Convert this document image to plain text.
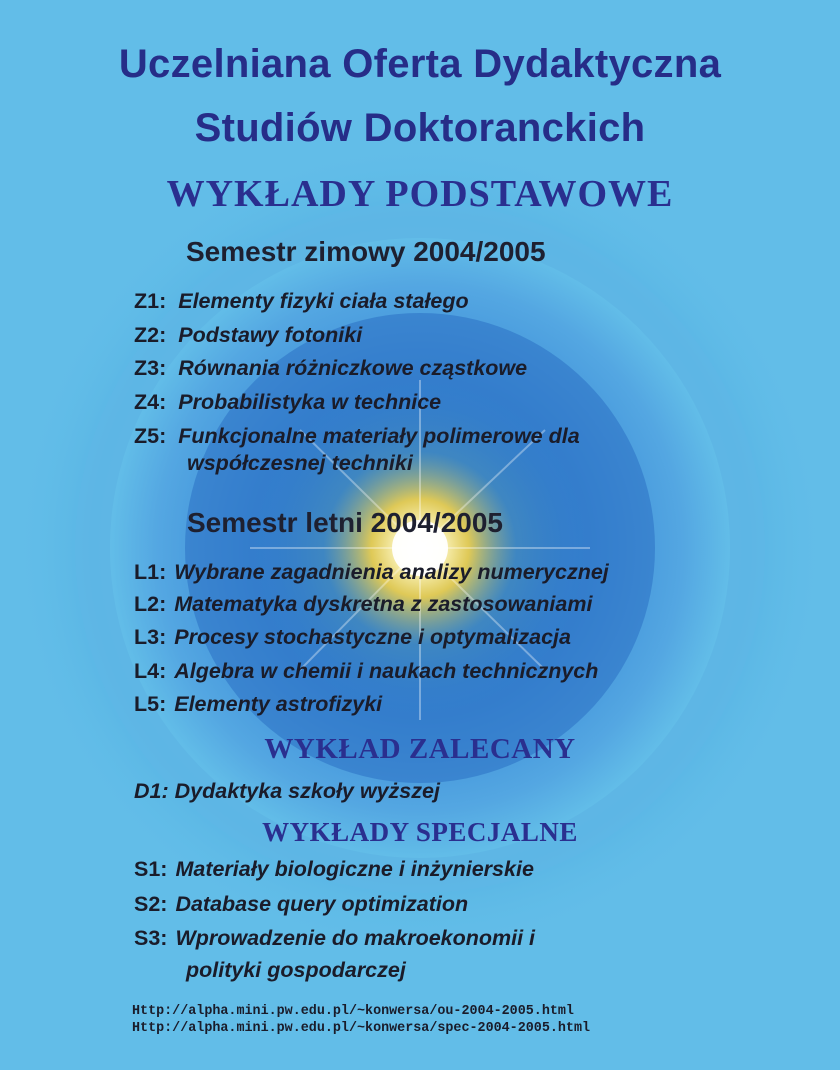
Uczelniana Oferta Dydaktyczna
Studiów Doktoranckich
WYKŁADY PODSTAWOWE
Semestr zimowy 2004/2005
Z1: Elementy fizyki ciała stałego
Z2: Podstawy fotoniki
Z3: Równania różniczkowe cząstkowe
Z4: Probabilistyka w technice
Z5: Funkcjonalne materiały polimerowe dla
współczesnej techniki
Semestr letni 2004/2005
L1: Wybrane zagadnienia analizy numerycznej
L2: Matematyka dyskretna z zastosowaniami
L3: Procesy stochastyczne i optymalizacja
L4: Algebra w chemii i naukach technicznych
L5: Elementy astrofizyki
WYKŁAD ZALECANY
D1: Dydaktyka szkoły wyższej
WYKŁADY SPECJALNE
S1: Materiały biologiczne i inżynierskie
S2: Database query optimization
S3: Wprowadzenie do makroekonomii i
polityki gospodarczej
Http://alpha.mini.pw.edu.pl/~konwersa/ou-2004-2005.html
Http://alpha.mini.pw.edu.pl/~konwersa/spec-2004-2005.html
